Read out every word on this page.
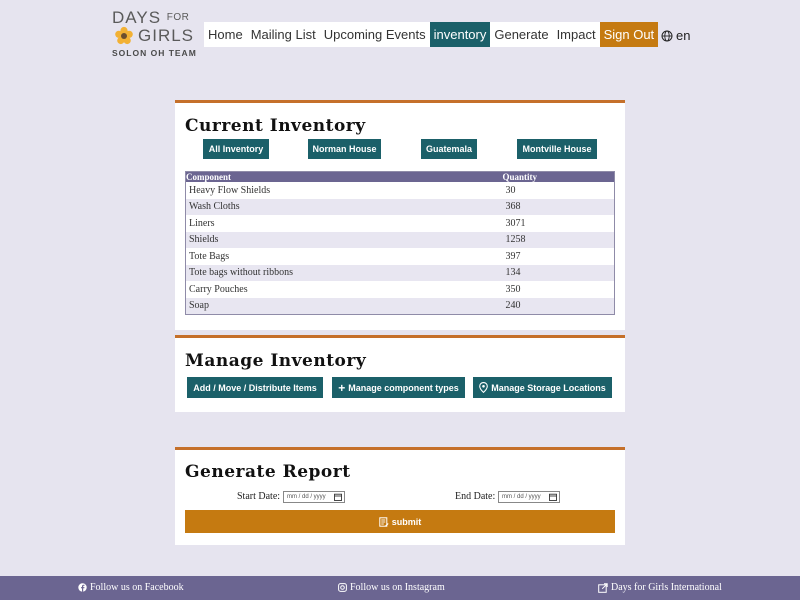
DAYS FOR
GIRLS
SOLON OH TEAM
Home Mailing List Upcoming Events inventory Generate Impact Sign Out	en
Current Inventory
All Inventory	Norman House	Guatemala	Montville House
Component	Quantity
Heavy Flow Shields	30
Wash Cloths	368
Liners	3071
Shields	1258
Tote Bags	397
Tote bags without ribbons	134
Carry Pouches	350
Soap	240
Manage Inventory
Add / Move / Distribute Items + Manage component types	Manage Storage Locations
Generate Report
Start Date: mm / dd / yyyy	End Date: mm / dd / yyyy
submit
Follow us on Facebook	Follow us on Instagram	Days for Girls International
